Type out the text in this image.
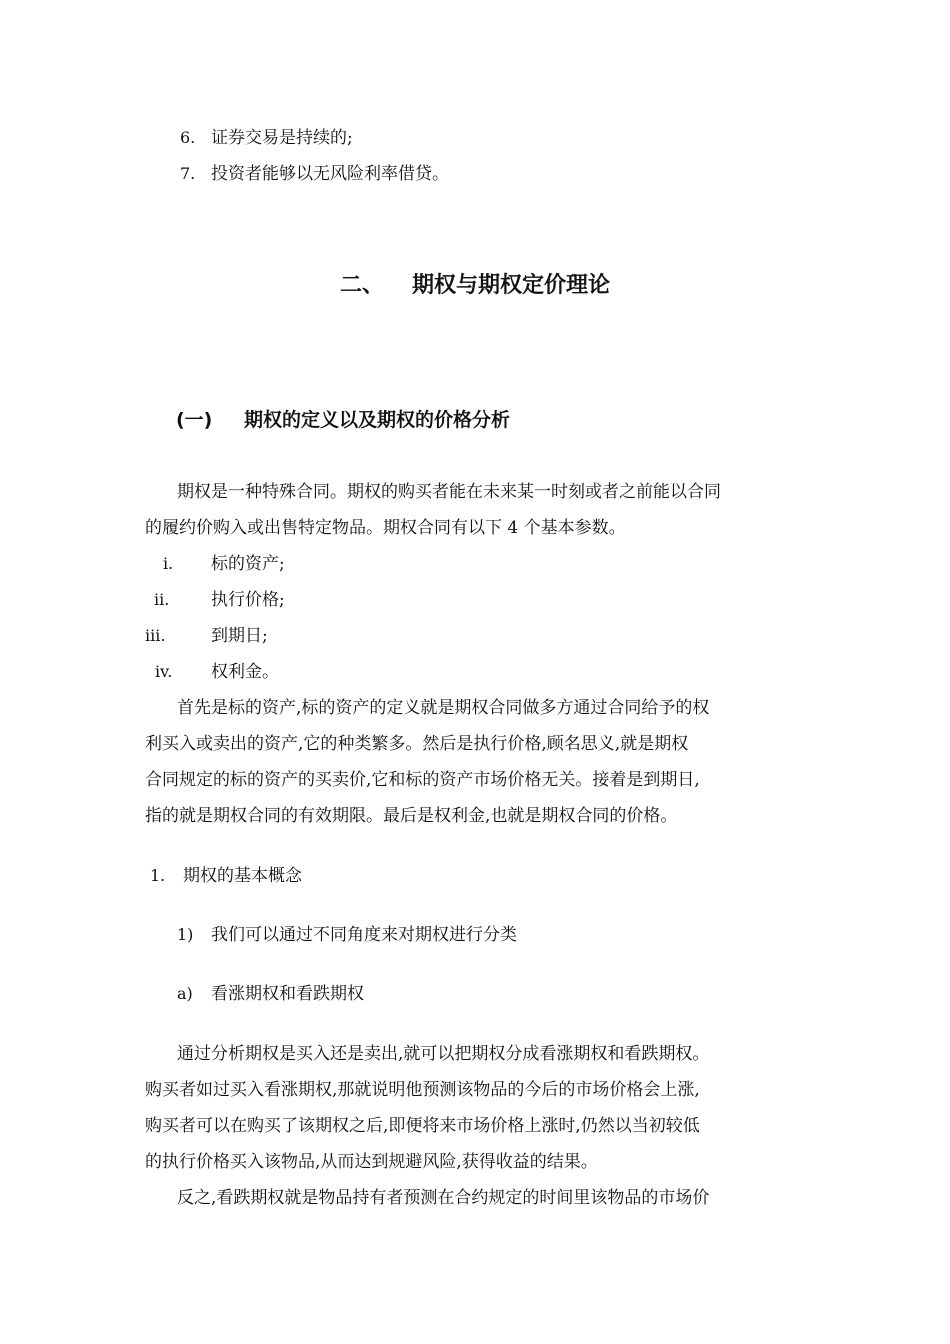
6. 证券交易是持续的;
7. 投资者能够以无风险利率借贷。
二、 期权与期权定价理论
(一) 期权的定义以及期权的价格分析
期权是一种特殊合同。期权的购买者能在未来某一时刻或者之前能以合同
的履约价购入或出售特定物品。期权合同有以下 4 个基本参数。
i. 标的资产;
ii. 执行价格;
iii.	到期日;
iv. 权利金。
首先是标的资产,标的资产的定义就是期权合同做多方通过合同给予的权
利买入或卖出的资产,它的种类繁多。然后是执行价格,顾名思义,就是期权
合同规定的标的资产的买卖价,它和标的资产市场价格无关。接着是到期日,
指的就是期权合同的有效期限。最后是权利金,也就是期权合同的价格。
1. 期权的基本概念
1) 我们可以通过不同角度来对期权进行分类
a) 看涨期权和看跌期权
通过分析期权是买入还是卖出,就可以把期权分成看涨期权和看跌期权。
购买者如过买入看涨期权,那就说明他预测该物品的今后的市场价格会上涨,
购买者可以在购买了该期权之后,即便将来市场价格上涨时,仍然以当初较低
的执行价格买入该物品,从而达到规避风险,获得收益的结果。
反之,看跌期权就是物品持有者预测在合约规定的时间里该物品的市场价
